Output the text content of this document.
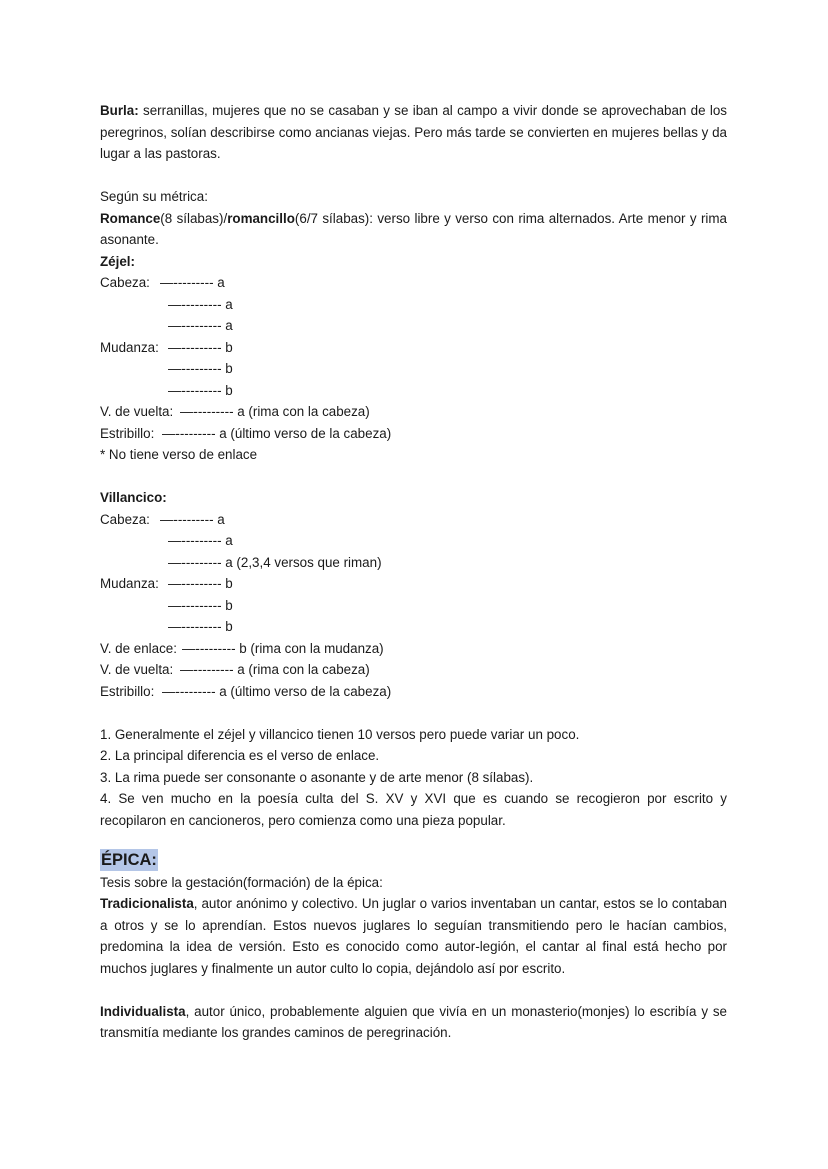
Burla: serranillas, mujeres que no se casaban y se iban al campo a vivir donde se aprovechaban de los peregrinos, solían describirse como ancianas viejas. Pero más tarde se convierten en mujeres bellas y da lugar a las pastoras.

Según su métrica:

Romance(8 sílabas)/romancillo(6/7 sílabas): verso libre y verso con rima alternados. Arte menor y rima asonante.

Zéjel:

Cabeza: —--------- a
—--------- a
—--------- a
Mudanza: —--------- b
—--------- b
—--------- b
V. de vuelta: —--------- a (rima con la cabeza)
Estribillo: —--------- a (último verso de la cabeza)

* No tiene verso de enlace

Villancico:

Cabeza: —--------- a
—--------- a
—--------- a (2,3,4 versos que riman)
Mudanza: —--------- b
—--------- b
—--------- b
V. de enlace: —--------- b (rima con la mudanza)
V. de vuelta: —--------- a (rima con la cabeza)
Estribillo: —--------- a (último verso de la cabeza)

1. Generalmente el zéjel y villancico tienen 10 versos pero puede variar un poco.

2. La principal diferencia es el verso de enlace.

3. La rima puede ser consonante o asonante y de arte menor (8 sílabas).

4. Se ven mucho en la poesía culta del S. XV y XVI que es cuando se recogieron por escrito y recopilaron en cancioneros, pero comienza como una pieza popular.

ÉPICA:

Tesis sobre la gestación(formación) de la épica:

Tradicionalista, autor anónimo y colectivo. Un juglar o varios inventaban un cantar, estos se lo contaban a otros y se lo aprendían. Estos nuevos juglares lo seguían transmitiendo pero le hacían cambios, predomina la idea de versión. Esto es conocido como autor-legión, el cantar al final está hecho por muchos juglares y finalmente un autor culto lo copia, dejándolo así por escrito.

Individualista, autor único, probablemente alguien que vivía en un monasterio(monjes) lo escribía y se transmitía mediante los grandes caminos de peregrinación.
